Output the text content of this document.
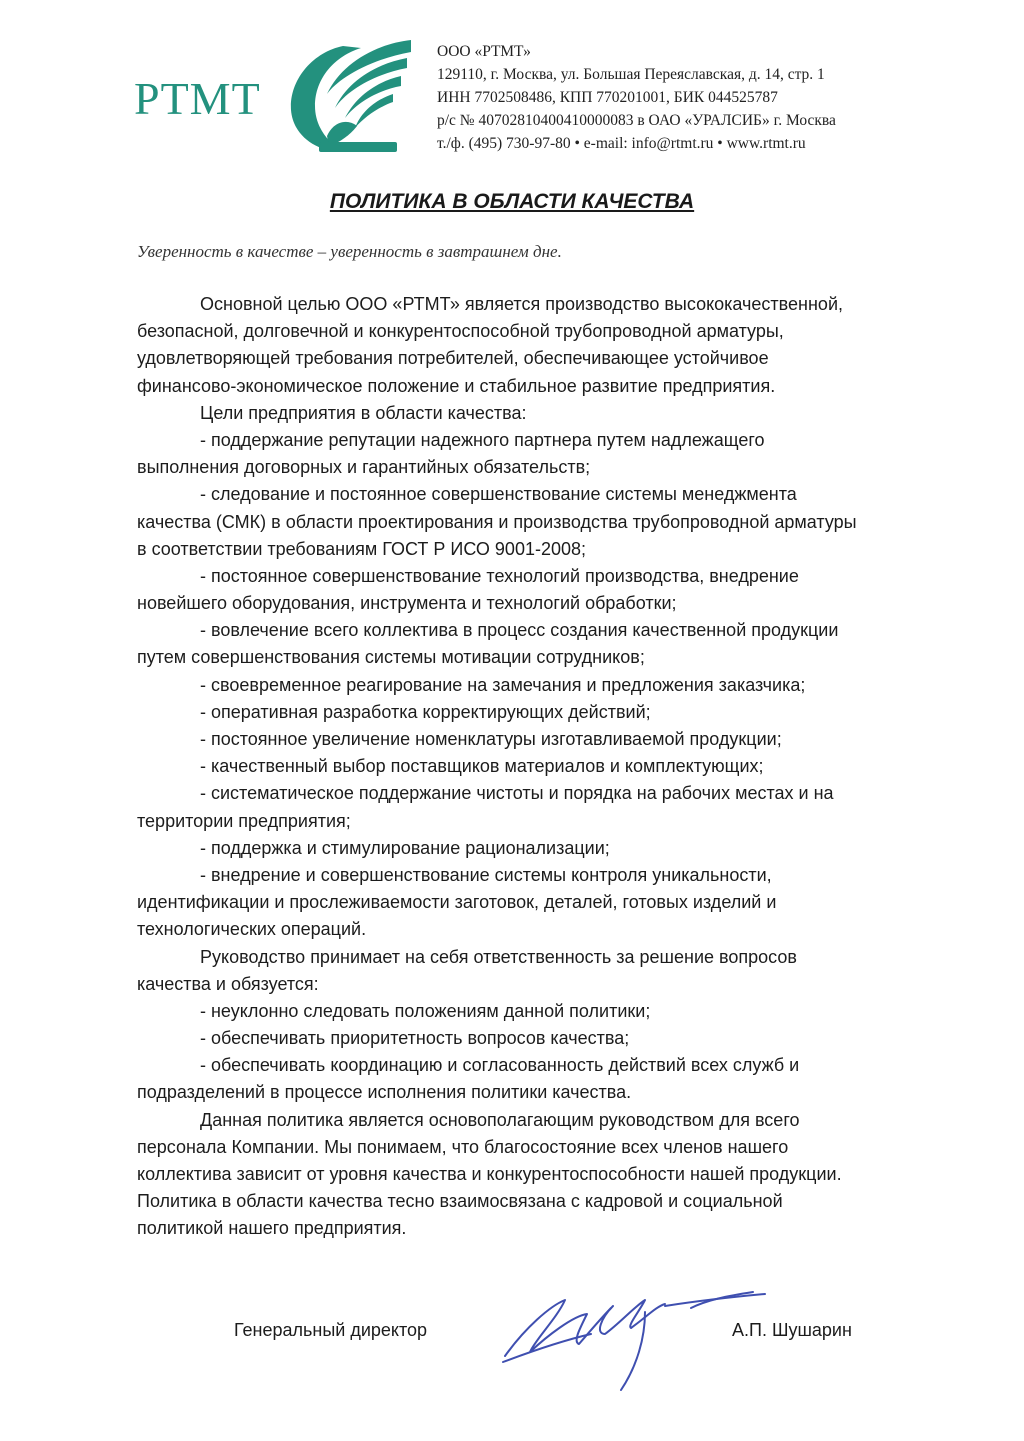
PTMT
ООО «РТМТ»
129110, г. Москва, ул. Большая Переяславская, д. 14, стр. 1
ИНН 7702508486, КПП 770201001, БИК 044525787
р/с № 40702810400410000083 в ОАО «УРАЛСИБ» г. Москва
т./ф. (495) 730-97-80 • e-mail: info@rtmt.ru • www.rtmt.ru
ПОЛИТИКА В ОБЛАСТИ КАЧЕСТВА
Уверенность в качестве – уверенность в завтрашнем дне.
Основной целью ООО «РТМТ» является производство высококачественной,
безопасной, долговечной и конкурентоспособной трубопроводной арматуры,
удовлетворяющей требования потребителей, обеспечивающее устойчивое
финансово-экономическое положение и стабильное развитие предприятия.
Цели предприятия в области качества:
- поддержание репутации надежного партнера путем надлежащего
выполнения договорных и гарантийных обязательств;
- следование и постоянное совершенствование системы менеджмента
качества (СМК) в области проектирования и производства трубопроводной арматуры
в соответствии требованиям ГОСТ Р ИСО 9001-2008;
- постоянное совершенствование технологий производства, внедрение
новейшего оборудования, инструмента и технологий обработки;
- вовлечение всего коллектива в процесс создания качественной продукции
путем совершенствования системы мотивации сотрудников;
- своевременное реагирование на замечания и предложения заказчика;
- оперативная разработка корректирующих действий;
- постоянное увеличение номенклатуры изготавливаемой продукции;
- качественный выбор поставщиков материалов и комплектующих;
- систематическое поддержание чистоты и порядка на рабочих местах и на
территории предприятия;
- поддержка и стимулирование рационализации;
- внедрение и совершенствование системы контроля уникальности,
идентификации и прослеживаемости заготовок, деталей, готовых изделий и
технологических операций.
Руководство принимает на себя ответственность за решение вопросов
качества и обязуется:
- неуклонно следовать положениям данной политики;
- обеспечивать приоритетность вопросов качества;
- обеспечивать координацию и согласованность действий всех служб и
подразделений в процессе исполнения политики качества.
Данная политика является основополагающим руководством для всего
персонала Компании. Мы понимаем, что благосостояние всех членов нашего
коллектива зависит от уровня качества и конкурентоспособности нашей продукции.
Политика в области качества тесно взаимосвязана с кадровой и социальной
политикой нашего предприятия.
Генеральный директор	А.П. Шушарин
